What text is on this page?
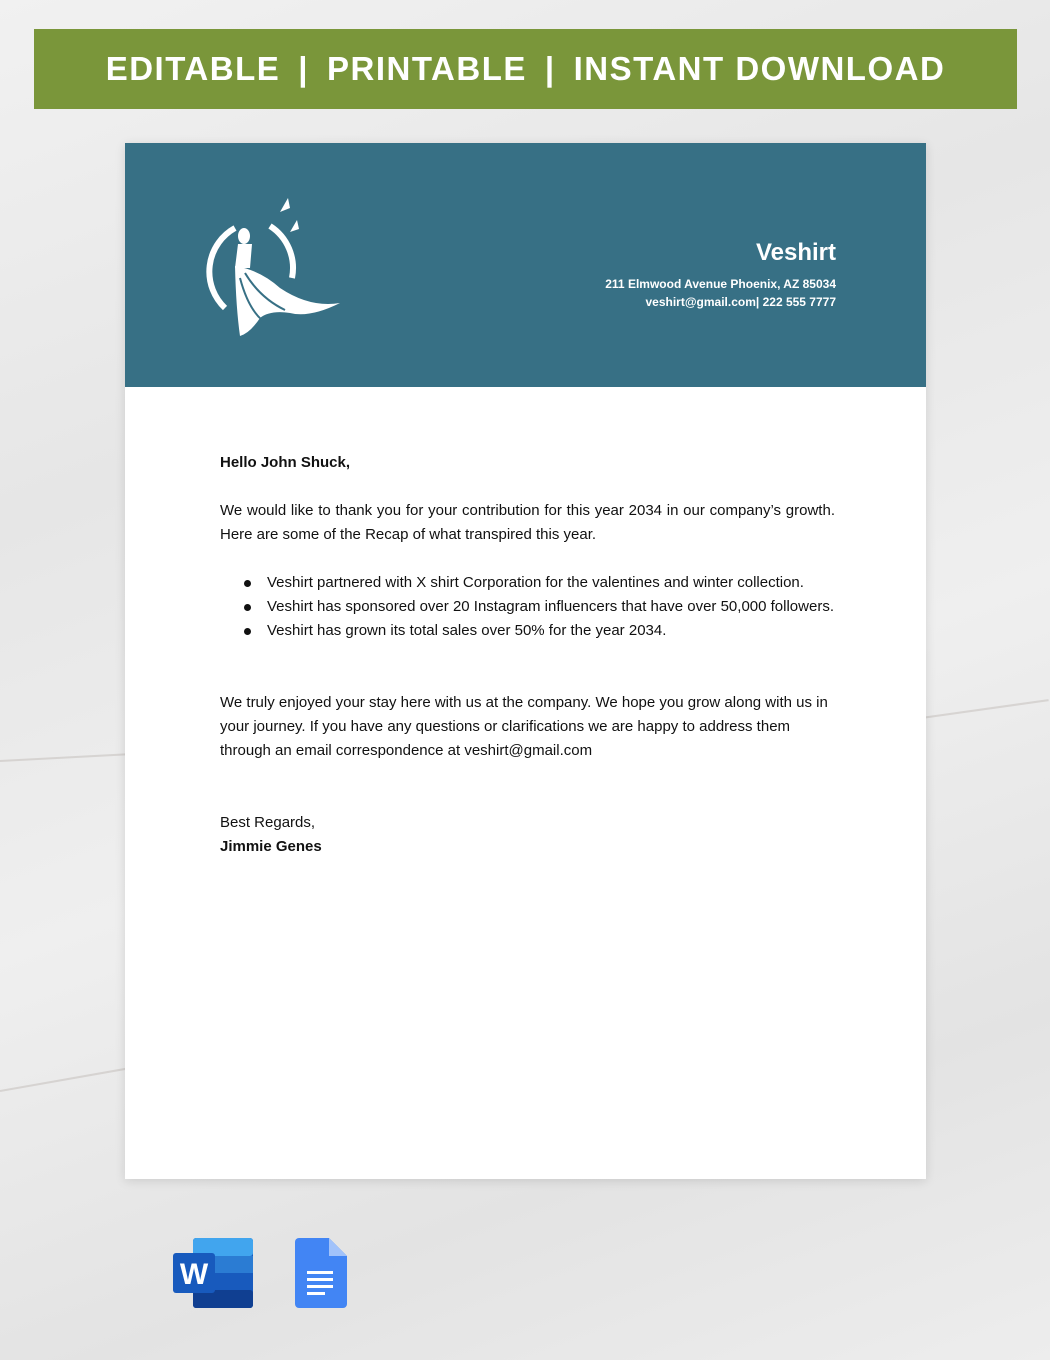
EDITABLE | PRINTABLE | INSTANT DOWNLOAD
Veshirt
211 Elmwood Avenue Phoenix, AZ 85034
veshirt@gmail.com| 222 555 7777

Hello John Shuck,

We would like to thank you for your contribution for this year 2034 in our company’s growth. Here are some of the Recap of what transpired this year.

Veshirt partnered with X shirt Corporation for the valentines and winter collection.
Veshirt has sponsored over 20 Instagram influencers that have over 50,000 followers.
Veshirt has grown its total sales over 50% for the year 2034.

We truly enjoyed your stay here with us at the company. We hope you grow along with us in your journey. If you have any questions or clarifications we are happy to address them through an email correspondence at veshirt@gmail.com

Best Regards,

Jimmie Genes

W
